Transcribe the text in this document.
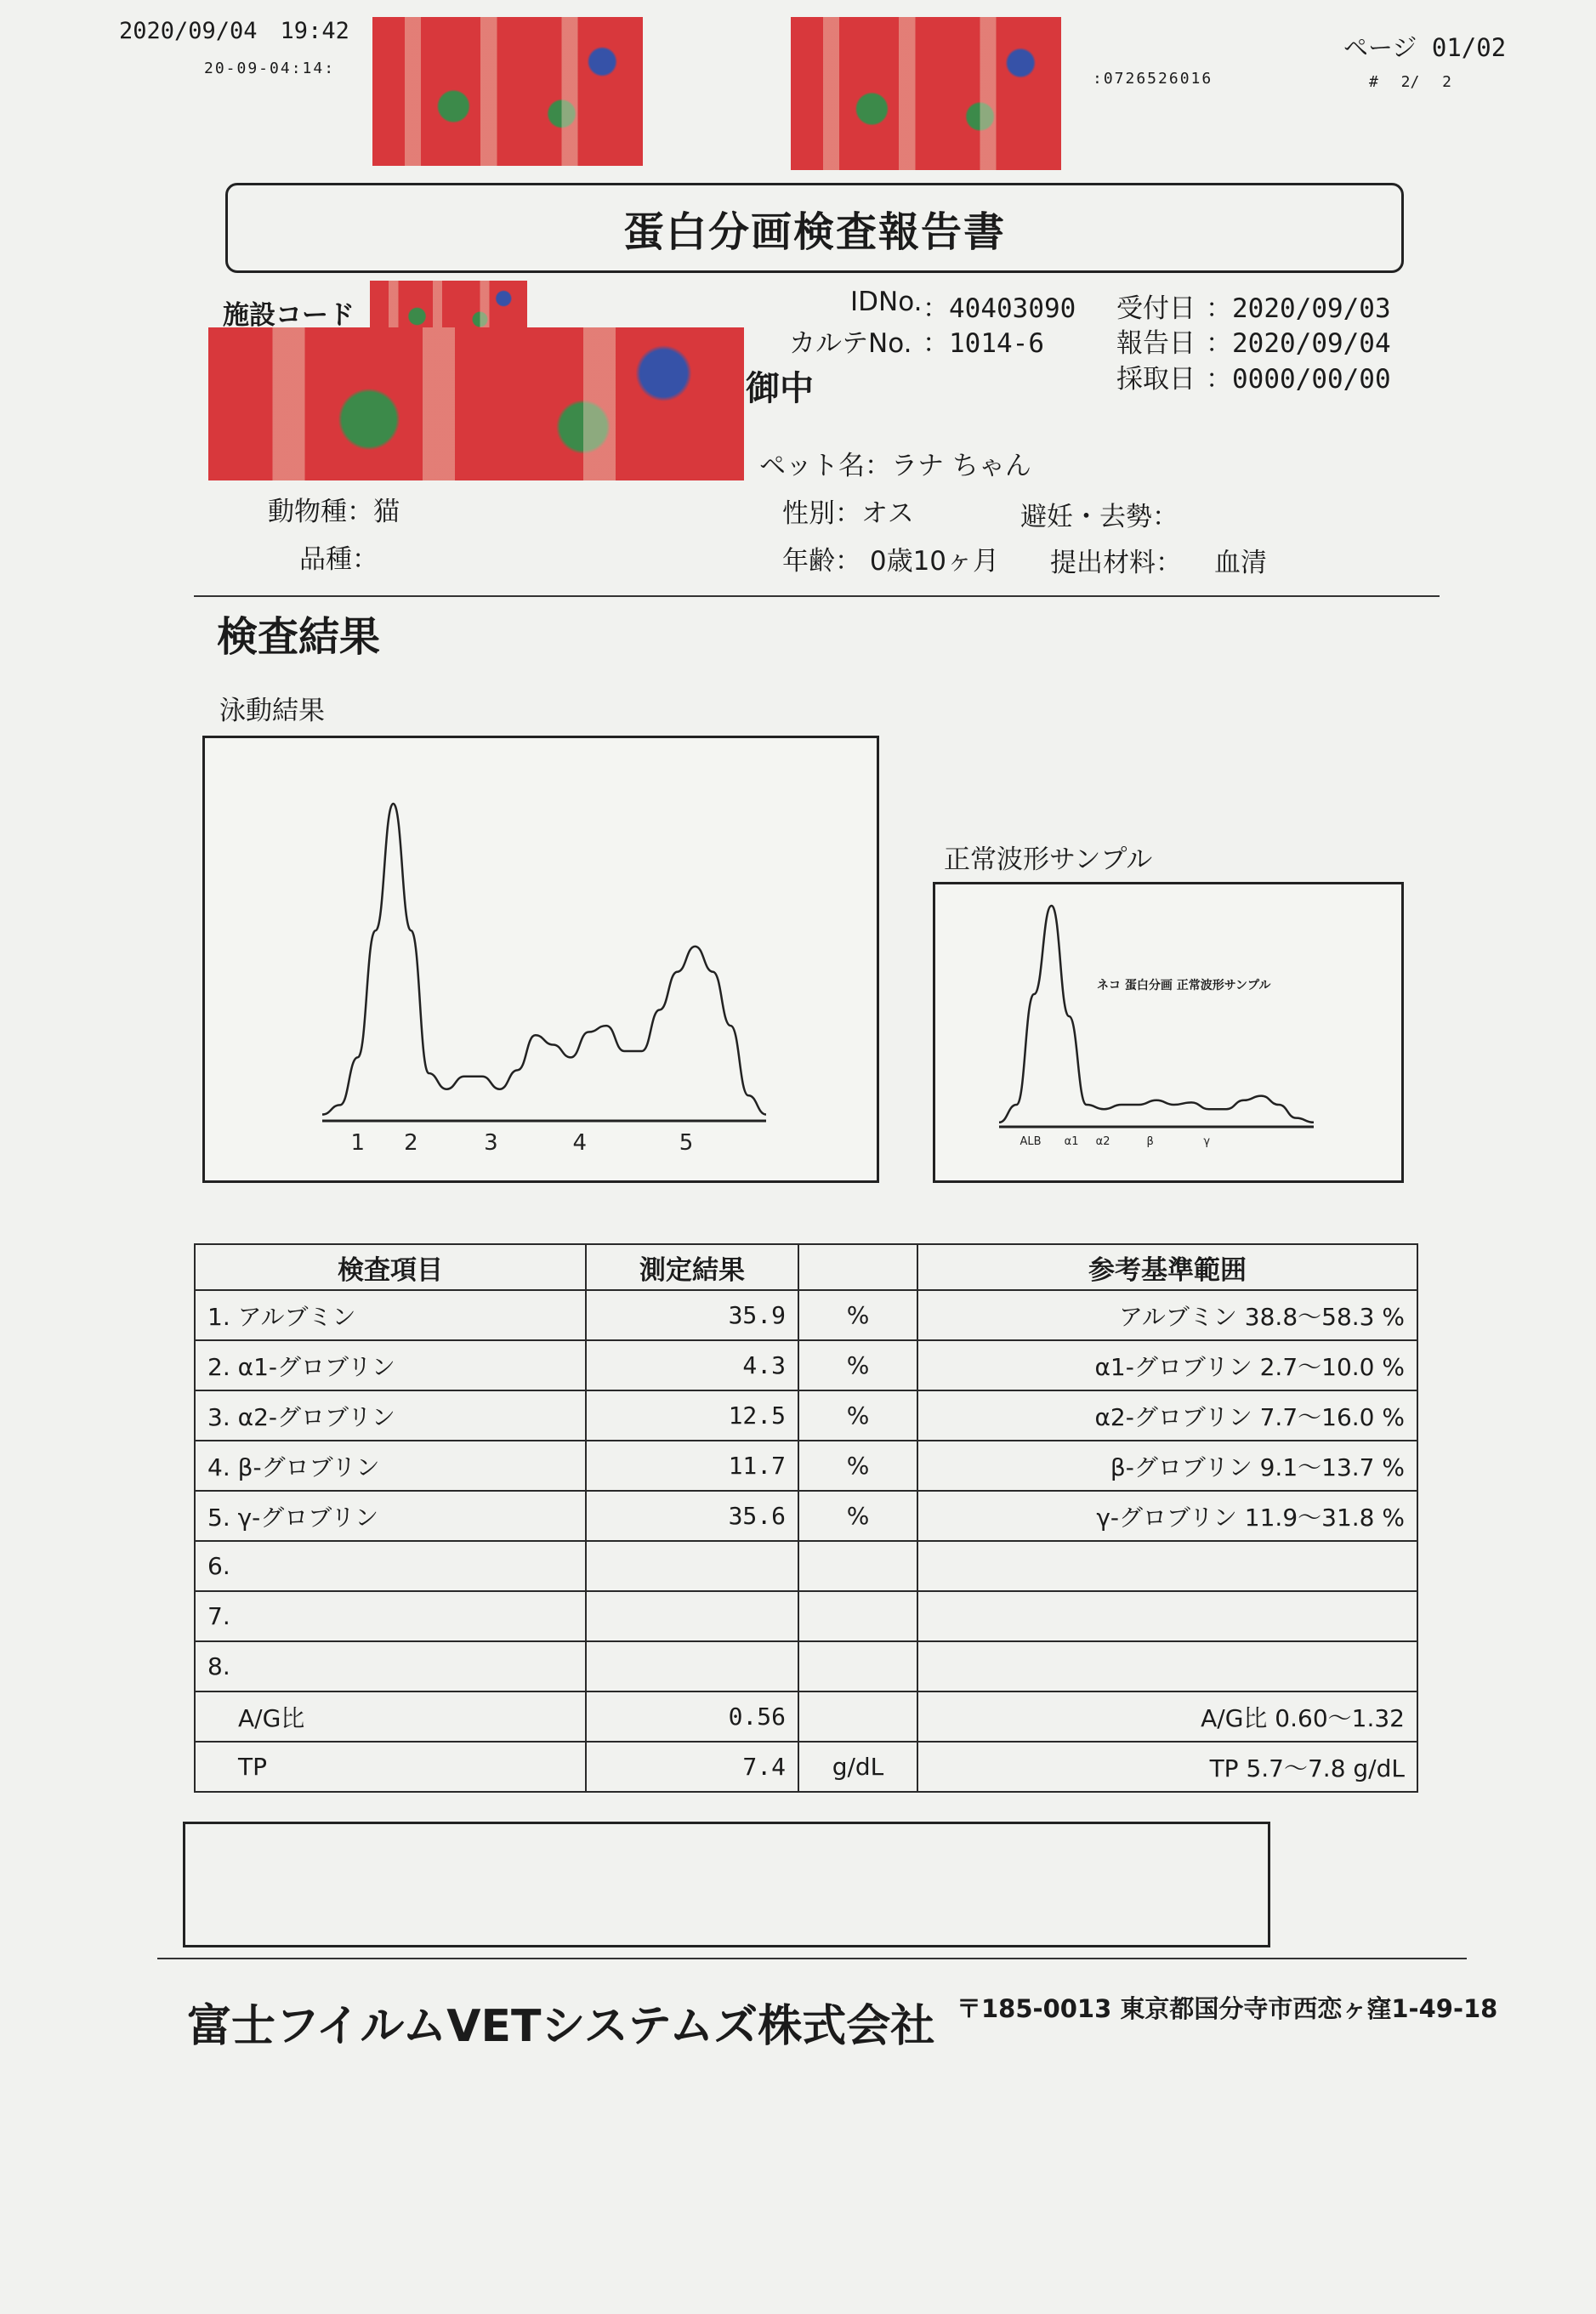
2020/09/04　19:42
20-09-04:14:
:0726526016
ページ 01/02
# 2/ 2
蛋白分画検査報告書
施設コード
御中
IDNo. ：40403090
カルテNo. ：1014-6
受付日 ：2020/09/03
報告日 ：2020/09/04
採取日 ：0000/00/00
ペット名：ラナ ちゃん
動物種：猫
品種：
性別：オス	避妊・去勢：
年齢： 0歳10ヶ月 提出材料： 血清
検査結果
泳動結果
正常波形サンプル
1 2	3	4	5
ネコ 蛋白分画 正常波形サンプル
ALB α1 α2	β	γ
検査項目	測定結果		参考基準範囲
1. アルブミン	35.9	%	アルブミン 38.8～58.3 %
2. α1-グロブリン	4.3	%	α1-グロブリン 2.7～10.0 %
3. α2-グロブリン	12.5	%	α2-グロブリン 7.7～16.0 %
4. β-グロブリン	11.7	%	β-グロブリン 9.1～13.7 %
5. γ-グロブリン	35.6	%	γ-グロブリン 11.9～31.8 %
6.			
7.			
8.			
A/G比	0.56		A/G比 0.60～1.32
TP	7.4	g/dL	TP 5.7～7.8 g/dL
富士フイルムVETシステムズ株式会社 〒185-0013 東京都国分寺市西恋ヶ窪1-49-18
